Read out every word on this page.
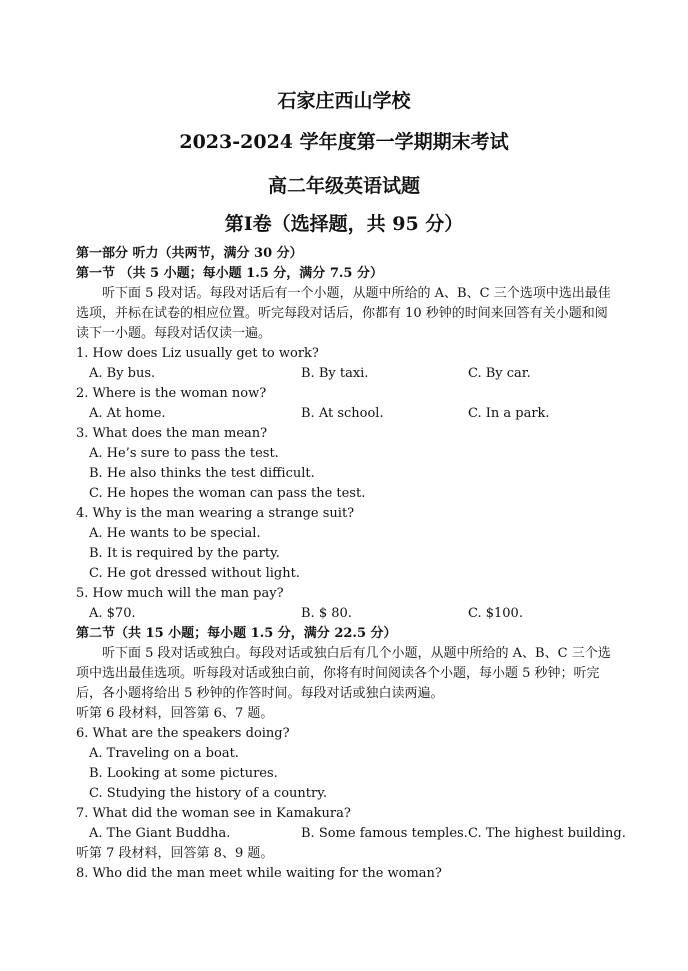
石家庄西山学校
2023-2024 学年度第一学期期末考试
高二年级英语试题
第Ⅰ卷（选择题，共 95 分）
第一部分 听力（共两节，满分 30 分）
第一节 （共 5 小题；每小题 1.5 分，满分 7.5 分）
听下面 5 段对话。每段对话后有一个小题，从题中所给的 A、B、C 三个选项中选出最佳选项，并标在试卷的相应位置。听完每段对话后，你都有 10 秒钟的时间来回答有关小题和阅读下一小题。每段对话仅读一遍。
1. How does Liz usually get to work?
A. By bus.	B. By taxi.	C. By car.
2. Where is the woman now?
A. At home.	B. At school.	C. In a park.
3. What does the man mean?
A. He’s sure to pass the test.
B. He also thinks the test difficult.
C. He hopes the woman can pass the test.
4. Why is the man wearing a strange suit?
A. He wants to be special.
B. It is required by the party.
C. He got dressed without light.
5. How much will the man pay?
A. $70.	B. $ 80.	C. $100.
第二节（共 15 小题；每小题 1.5 分，满分 22.5 分）
听下面 5 段对话或独白。每段对话或独白后有几个小题，从题中所给的 A、B、C 三个选项中选出最佳选项。听每段对话或独白前，你将有时间阅读各个小题，每小题 5 秒钟；听完后，各小题将给出 5 秒钟的作答时间。每段对话或独白读两遍。
听第 6 段材料，回答第 6、7 题。
6. What are the speakers doing?
A. Traveling on a boat.
B. Looking at some pictures.
C. Studying the history of a country.
7. What did the woman see in Kamakura?
A. The Giant Buddha.	B. Some famous temples. C. The highest building.
听第 7 段材料，回答第 8、9 题。
8. Who did the man meet while waiting for the woman?
